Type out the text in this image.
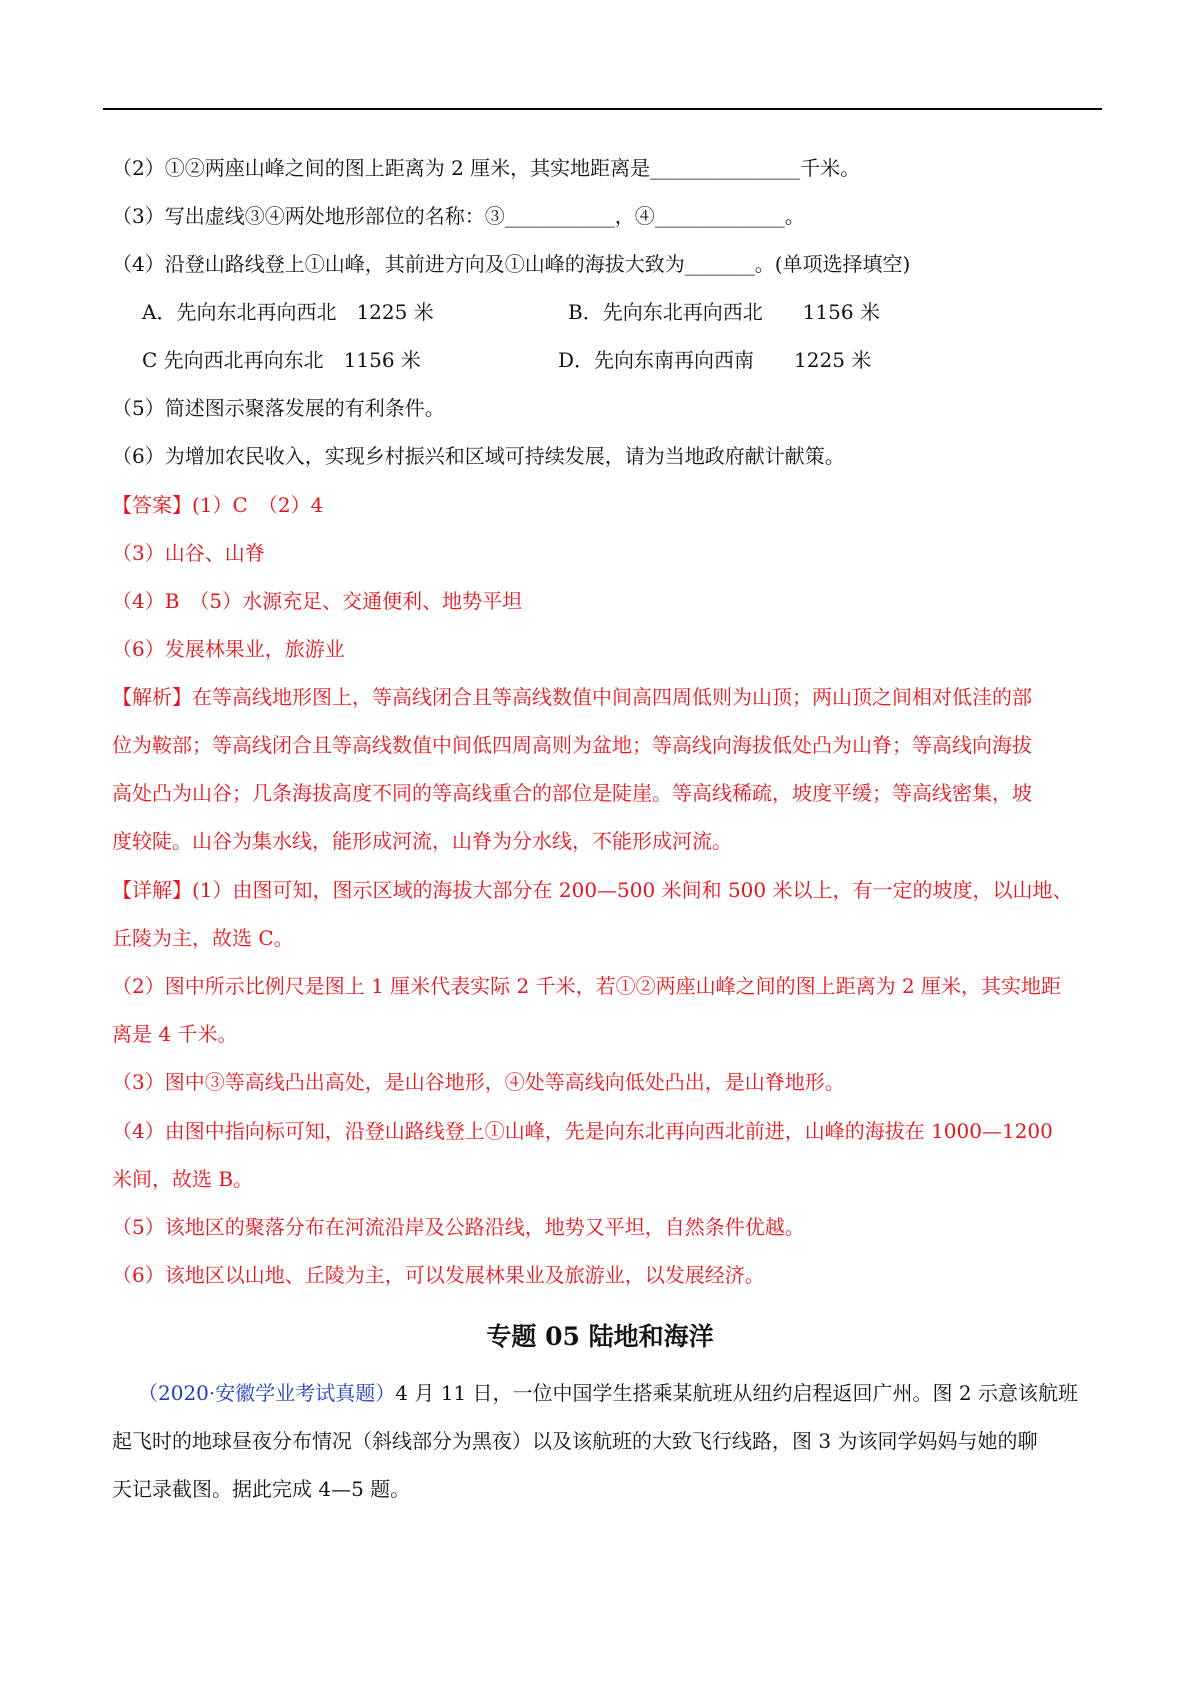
（2）①②两座山峰之间的图上距离为 2 厘米，其实地距离是_______________千米。
（3）写出虚线③④两处地形部位的名称：③___________，④_____________。
（4）沿登山路线登上①山峰，其前进方向及①山峰的海拔大致为_______。(单项选择填空)
A．先向东北再向西北　1225 米	B．先向东北再向西北　　1156 米
C 先向西北再向东北　1156 米	D．先向东南再向西南　　1225 米
（5）简述图示聚落发展的有利条件。
（6）为增加农民收入，实现乡村振兴和区域可持续发展，请为当地政府献计献策。
【答案】(1）C　（2）4
（3）山谷、山脊
（4）B　（5）水源充足、交通便利、地势平坦
（6）发展林果业，旅游业
【解析】在等高线地形图上，等高线闭合且等高线数值中间高四周低则为山顶；两山顶之间相对低洼的部
位为鞍部；等高线闭合且等高线数值中间低四周高则为盆地；等高线向海拔低处凸为山脊；等高线向海拔
高处凸为山谷；几条海拔高度不同的等高线重合的部位是陡崖。等高线稀疏，坡度平缓；等高线密集，坡
度较陡。山谷为集水线，能形成河流，山脊为分水线，不能形成河流。
【详解】(1）由图可知，图示区域的海拔大部分在 200—500 米间和 500 米以上，有一定的坡度，以山地、
丘陵为主，故选 C。
（2）图中所示比例尺是图上 1 厘米代表实际 2 千米，若①②两座山峰之间的图上距离为 2 厘米，其实地距
离是 4 千米。
（3）图中③等高线凸出高处，是山谷地形，④处等高线向低处凸出，是山脊地形。
（4）由图中指向标可知，沿登山路线登上①山峰，先是向东北再向西北前进，山峰的海拔在 1000—1200
米间，故选 B。
（5）该地区的聚落分布在河流沿岸及公路沿线，地势又平坦，自然条件优越。
（6）该地区以山地、丘陵为主，可以发展林果业及旅游业，以发展经济。
专题 05 陆地和海洋
（2020·安徽学业考试真题）4 月 11 日，一位中国学生搭乘某航班从纽约启程返回广州。图 2 示意该航班
起飞时的地球昼夜分布情况（斜线部分为黑夜）以及该航班的大致飞行线路，图 3 为该同学妈妈与她的聊
天记录截图。据此完成 4—5 题。
